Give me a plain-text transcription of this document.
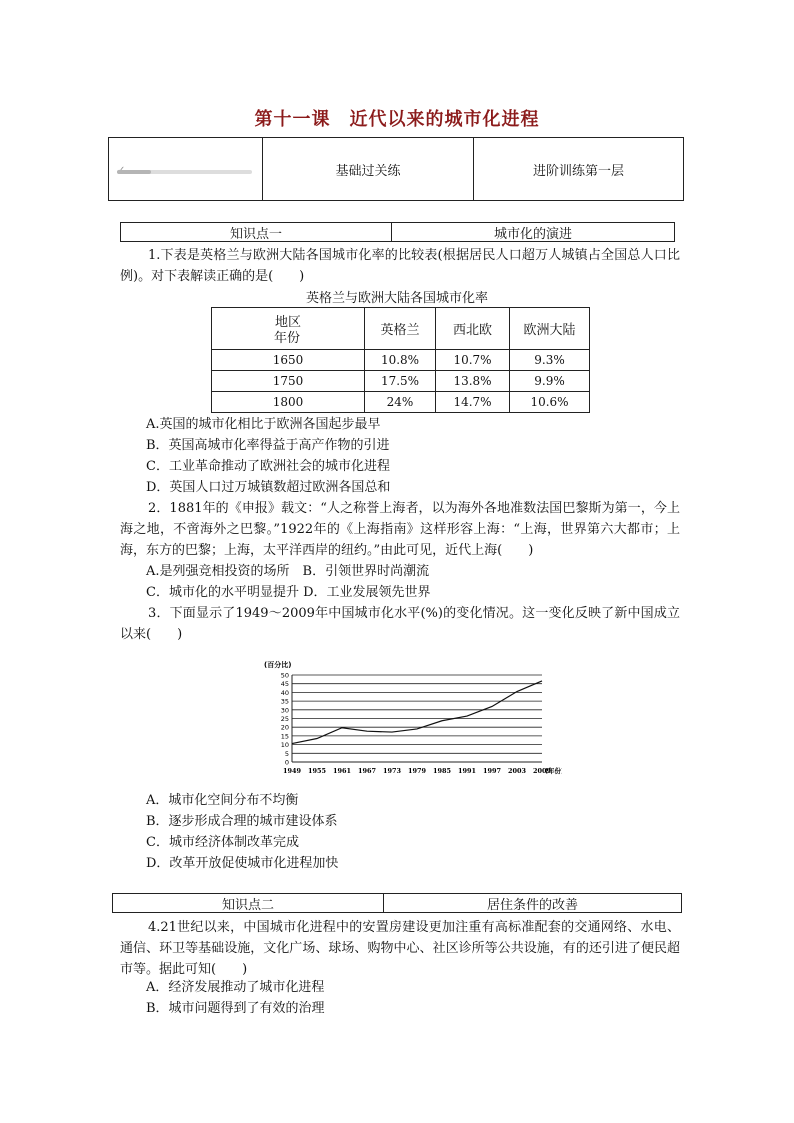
第十一课　近代以来的城市化进程
基础过关练	进阶训练第一层
知识点一	城市化的演进

1.下表是英格兰与欧洲大陆各国城市化率的比较表(根据居民人口超万人城镇占全国总人口比例)。对下表解读正确的是(　　)

英格兰与欧洲大陆各国城市化率
地区
年份	英格兰	西北欧	欧洲大陆
1650	10.8%	10.7%	9.3%
1750	17.5%	13.8%	9.9%
1800	24%	14.7%	10.6%
A.英国的城市化相比于欧洲各国起步最早
B．英国高城市化率得益于高产作物的引进
C．工业革命推动了欧洲社会的城市化进程
D．英国人口过万城镇数超过欧洲各国总和

2．1881年的《申报》载文：“人之称誉上海者，以为海外各地准数法国巴黎斯为第一，今上海之地，不啻海外之巴黎。”1922年的《上海指南》这样形容上海：“上海，世界第六大都市；上海，东方的巴黎；上海，太平洋西岸的纽约。”由此可见，近代上海(　　)

A.是列强竞相投资的场所　B．引领世界时尚潮流
C．城市化的水平明显提升 D．工业发展领先世界

3．下面显示了1949～2009年中国城市化水平(%)的变化情况。这一变化反映了新中国成立以来(　　)

(百分比)
0
5
10
15
20
25
30
35
40
45
50
1949 1955 1961 1967 1973 1979 1985 1991 1997 2003 2009
(年份
A．城市化空间分布不均衡
B．逐步形成合理的城市建设体系
C．城市经济体制改革完成
D．改革开放促使城市化进程加快
知识点二	居住条件的改善

4.21世纪以来，中国城市化进程中的安置房建设更加注重有高标准配套的交通网络、水电、通信、环卫等基础设施，文化广场、球场、购物中心、社区诊所等公共设施，有的还引进了便民超市等。据此可知(　　)

A．经济发展推动了城市化进程
B．城市问题得到了有效的治理
